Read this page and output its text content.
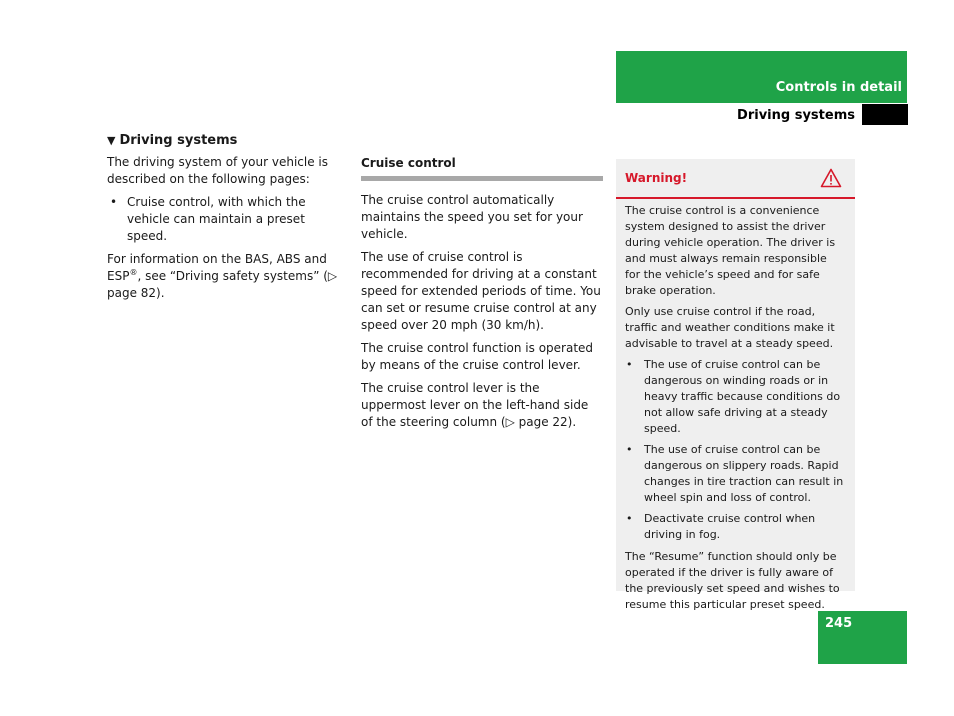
Controls in detail
Driving systems
▼ Driving systems

The driving system of your vehicle is described on the following pages:

• Cruise control, with which the vehicle can maintain a preset speed.

For information on the BAS, ABS and ESP®, see “Driving safety systems” (▷ page 82).

Cruise control

The cruise control automatically maintains the speed you set for your vehicle.

The use of cruise control is recommended for driving at a constant speed for extended periods of time. You can set or resume cruise control at any speed over 20 mph (30 km/h).

The cruise control function is operated by means of the cruise control lever.

The cruise control lever is the uppermost lever on the left-hand side of the steering column (▷ page 22).

Warning!

The cruise control is a convenience system designed to assist the driver during vehicle operation. The driver is and must always remain responsible for the vehicle’s speed and for safe brake operation.

Only use cruise control if the road, traffic and weather conditions make it advisable to travel at a steady speed.

• The use of cruise control can be dangerous on winding roads or in heavy traffic because conditions do not allow safe driving at a steady speed.
• The use of cruise control can be dangerous on slippery roads. Rapid changes in tire traction can result in wheel spin and loss of control.
• Deactivate cruise control when driving in fog.

The “Resume” function should only be operated if the driver is fully aware of the previously set speed and wishes to resume this particular preset speed.

245
